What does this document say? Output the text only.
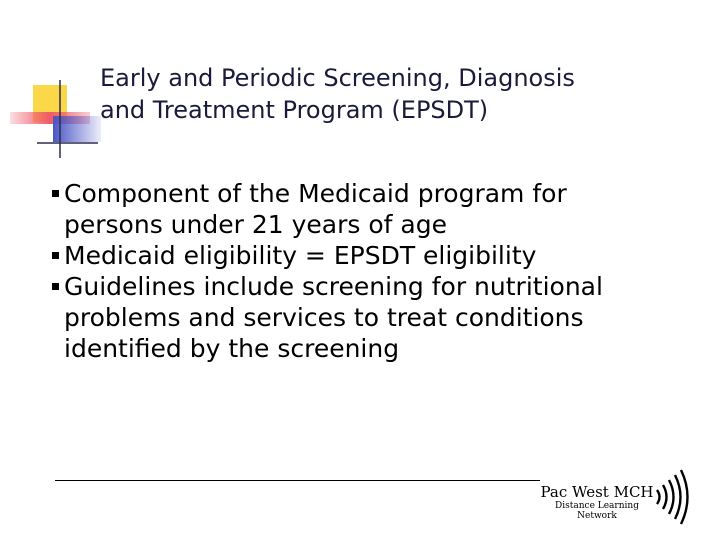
Early and Periodic Screening, Diagnosis
and Treatment Program (EPSDT)
Component of the Medicaid program for
persons under 21 years of age
Medicaid eligibility = EPSDT eligibility
Guidelines include screening for nutritional
problems and services to treat conditions
identified by the screening
Pac West MCH
Distance Learning
Network
